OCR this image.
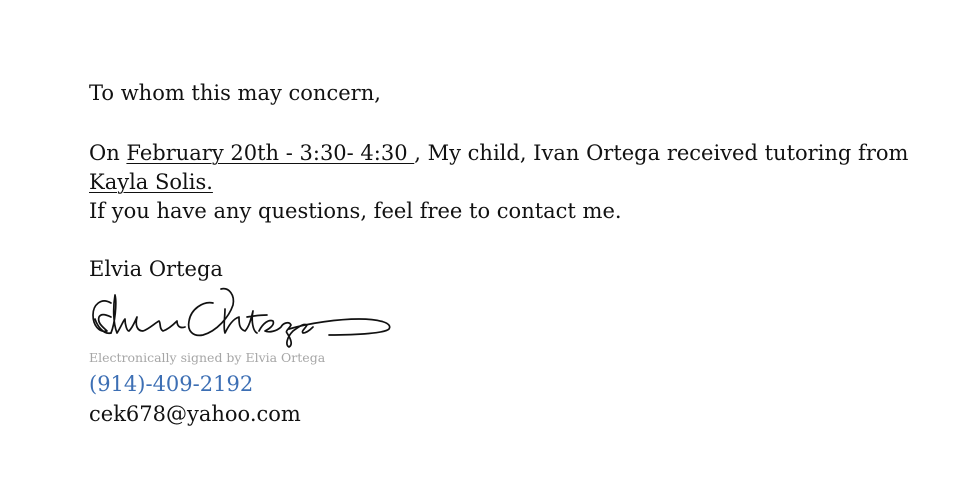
To whom this may concern,
On February 20th - 3:30- 4:30 , My child, Ivan Ortega received tutoring from
Kayla Solis.
If you have any questions, feel free to contact me.
Elvia Ortega
Electronically signed by Elvia Ortega
(914)-409-2192
cek678@yahoo.com
